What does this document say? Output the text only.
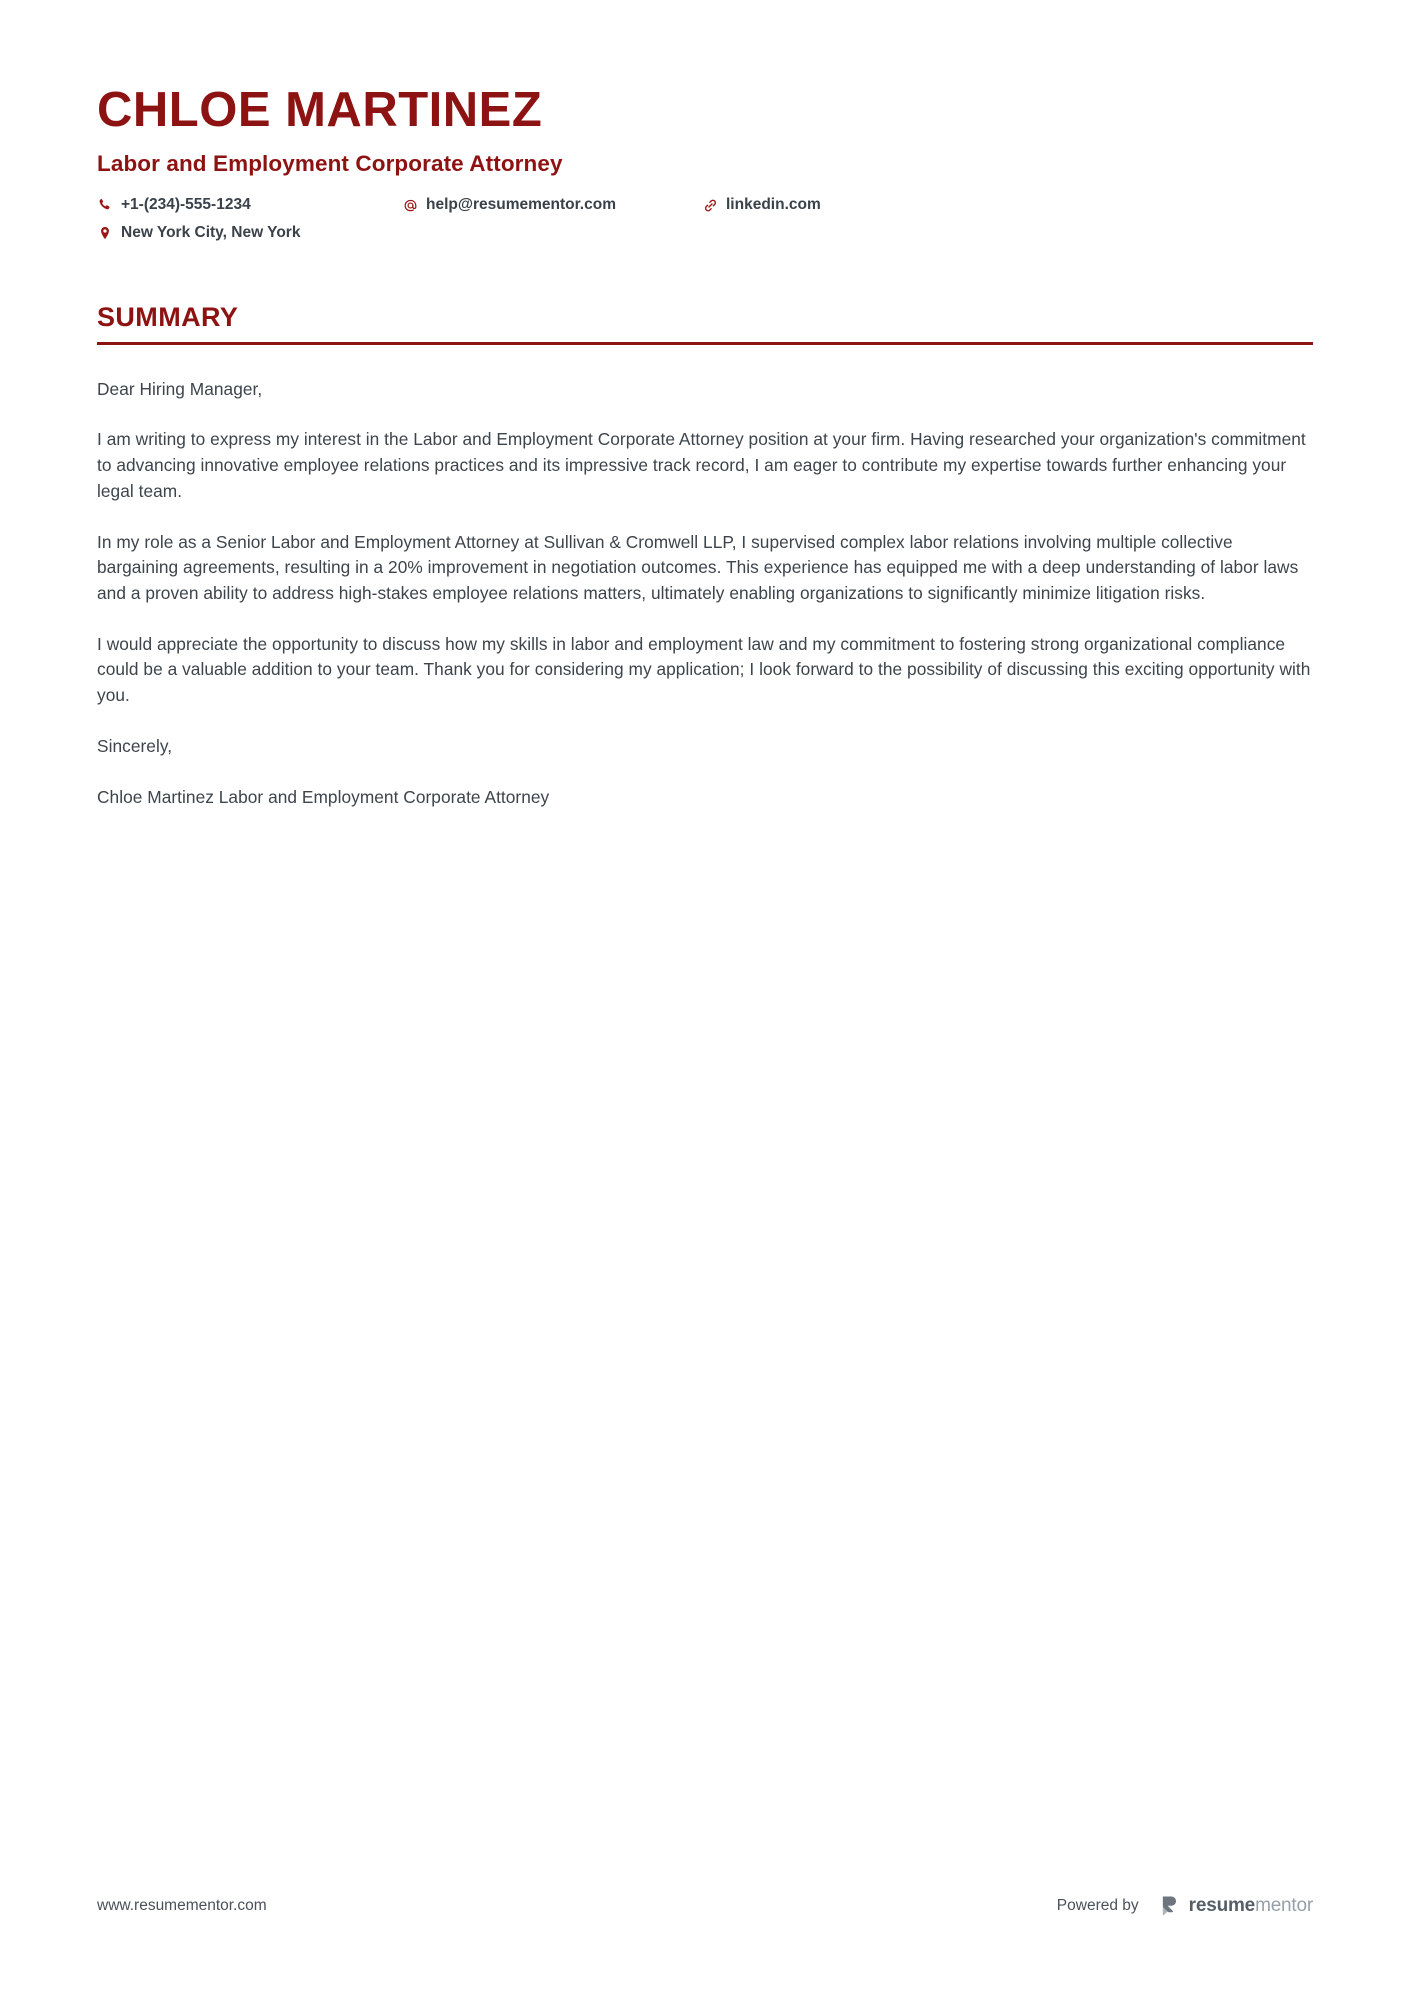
CHLOE MARTINEZ
Labor and Employment Corporate Attorney
+1-(234)-555-1234	help@resumementor.com	linkedin.com
New York City, New York
SUMMARY

Dear Hiring Manager,

I am writing to express my interest in the Labor and Employment Corporate Attorney position at your firm. Having researched your organization's commitment to advancing innovative employee relations practices and its impressive track record, I am eager to contribute my expertise towards further enhancing your legal team.

In my role as a Senior Labor and Employment Attorney at Sullivan & Cromwell LLP, I supervised complex labor relations involving multiple collective bargaining agreements, resulting in a 20% improvement in negotiation outcomes. This experience has equipped me with a deep understanding of labor laws and a proven ability to address high-stakes employee relations matters, ultimately enabling organizations to significantly minimize litigation risks.

I would appreciate the opportunity to discuss how my skills in labor and employment law and my commitment to fostering strong organizational compliance could be a valuable addition to your team. Thank you for considering my application; I look forward to the possibility of discussing this exciting opportunity with you.

Sincerely,

Chloe Martinez Labor and Employment Corporate Attorney

www.resumementor.com	Powered by	resumementor
